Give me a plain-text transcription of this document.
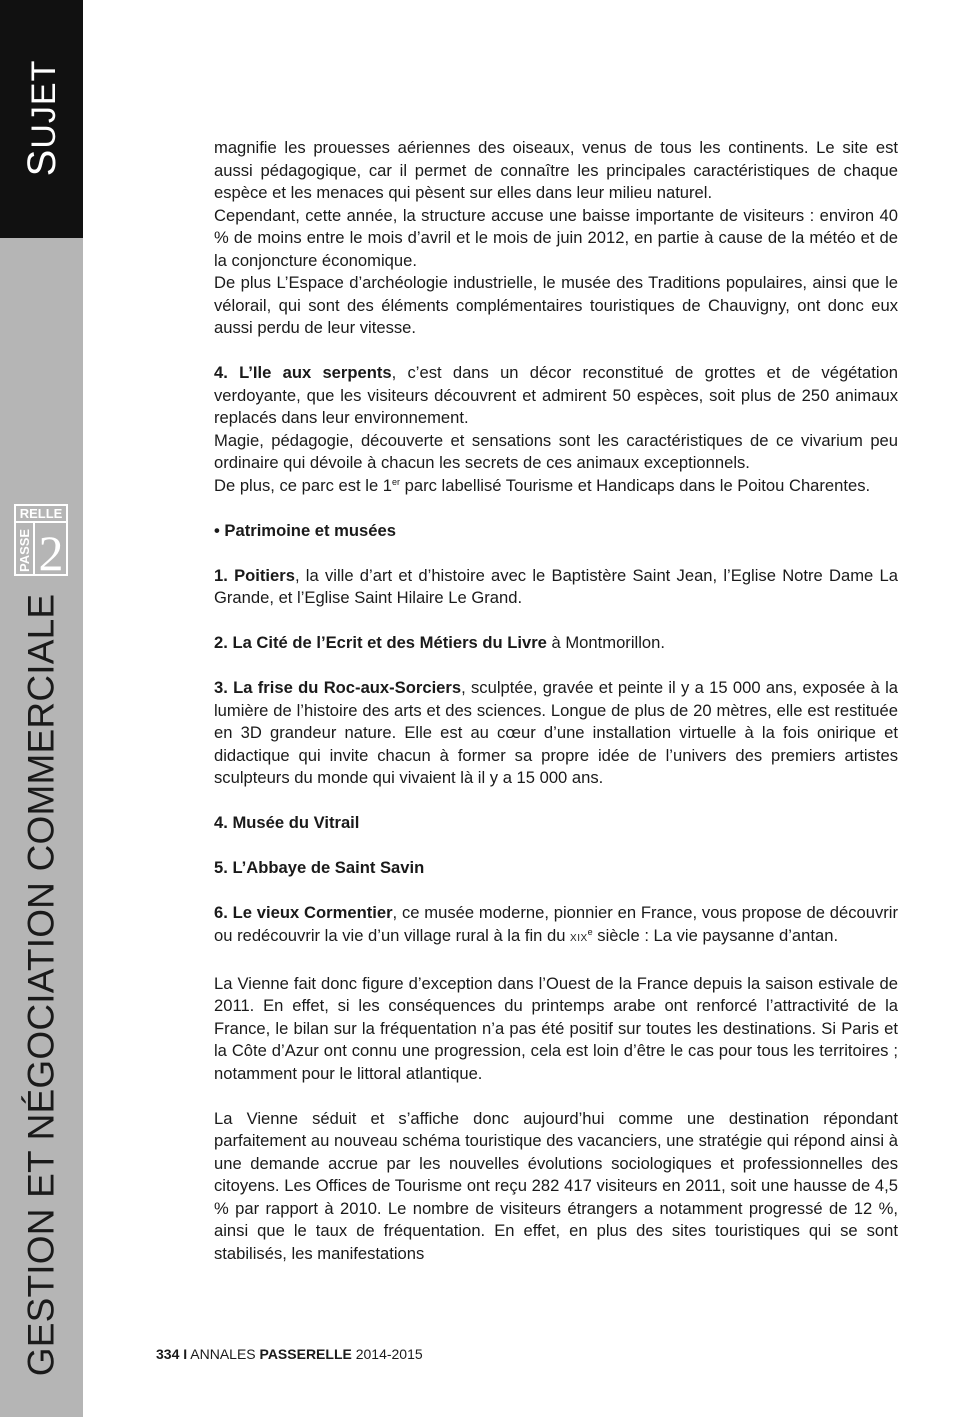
SUJET
RELLE
PASSE 2
GESTION ET NÉGOCIATION COMMERCIALE

magnifie les prouesses aériennes des oiseaux, venus de tous les continents. Le site est aussi pédagogique, car il permet de connaître les principales caractéristiques de chaque espèce et les menaces qui pèsent sur elles dans leur milieu naturel.

Cependant, cette année, la structure accuse une baisse importante de visiteurs : environ 40 % de moins entre le mois d’avril et le mois de juin 2012, en partie à cause de la météo et de la conjoncture économique.

De plus L’Espace d’archéologie industrielle, le musée des Traditions populaires, ainsi que le vélorail, qui sont des éléments complémentaires touristiques de Chauvigny, ont donc eux aussi perdu de leur vitesse.

4. L’Ile aux serpents, c’est dans un décor reconstitué de grottes et de végétation verdoyante, que les visiteurs découvrent et admirent 50 espèces, soit plus de 250 animaux replacés dans leur environnement.

Magie, pédagogie, découverte et sensations sont les caractéristiques de ce vivarium peu ordinaire qui dévoile à chacun les secrets de ces animaux exceptionnels.

De plus, ce parc est le 1er parc labellisé Tourisme et Handicaps dans le Poitou Charentes.

• Patrimoine et musées

1. Poitiers, la ville d’art et d’histoire avec le Baptistère Saint Jean, l’Eglise Notre Dame La Grande, et l’Eglise Saint Hilaire Le Grand.

2. La Cité de l’Ecrit et des Métiers du Livre à Montmorillon.

3. La frise du Roc-aux-Sorciers, sculptée, gravée et peinte il y a 15 000 ans, exposée à la lumière de l’histoire des arts et des sciences. Longue de plus de 20 mètres, elle est restituée en 3D grandeur nature. Elle est au cœur d’une installation virtuelle à la fois onirique et didactique qui invite chacun à former sa propre idée de l’univers des premiers artistes sculpteurs du monde qui vivaient là il y a 15 000 ans.

4. Musée du Vitrail

5. L’Abbaye de Saint Savin

6. Le vieux Cormentier, ce musée moderne, pionnier en France, vous propose de découvrir ou redécouvrir la vie d’un village rural à la fin du XIXe siècle : La vie paysanne d’antan.

La Vienne fait donc figure d’exception dans l’Ouest de la France depuis la saison estivale de 2011. En effet, si les conséquences du printemps arabe ont renforcé l’attractivité de la France, le bilan sur la fréquentation n’a pas été positif sur toutes les destinations. Si Paris et la Côte d’Azur ont connu une progression, cela est loin d’être le cas pour tous les territoires ; notamment pour le littoral atlantique.

La Vienne séduit et s’affiche donc aujourd’hui comme une destination répondant parfaitement au nouveau schéma touristique des vacanciers, une stratégie qui répond ainsi à une demande accrue par les nouvelles évolutions sociologiques et professionnelles des citoyens. Les Offices de Tourisme ont reçu 282 417 visiteurs en 2011, soit une hausse de 4,5 % par rapport à 2010. Le nombre de visiteurs étrangers a notamment progressé de 12 %, ainsi que le taux de fréquentation. En effet, en plus des sites touristiques qui se sont stabilisés, les manifestations

334 I ANNALES PASSERELLE 2014-2015
